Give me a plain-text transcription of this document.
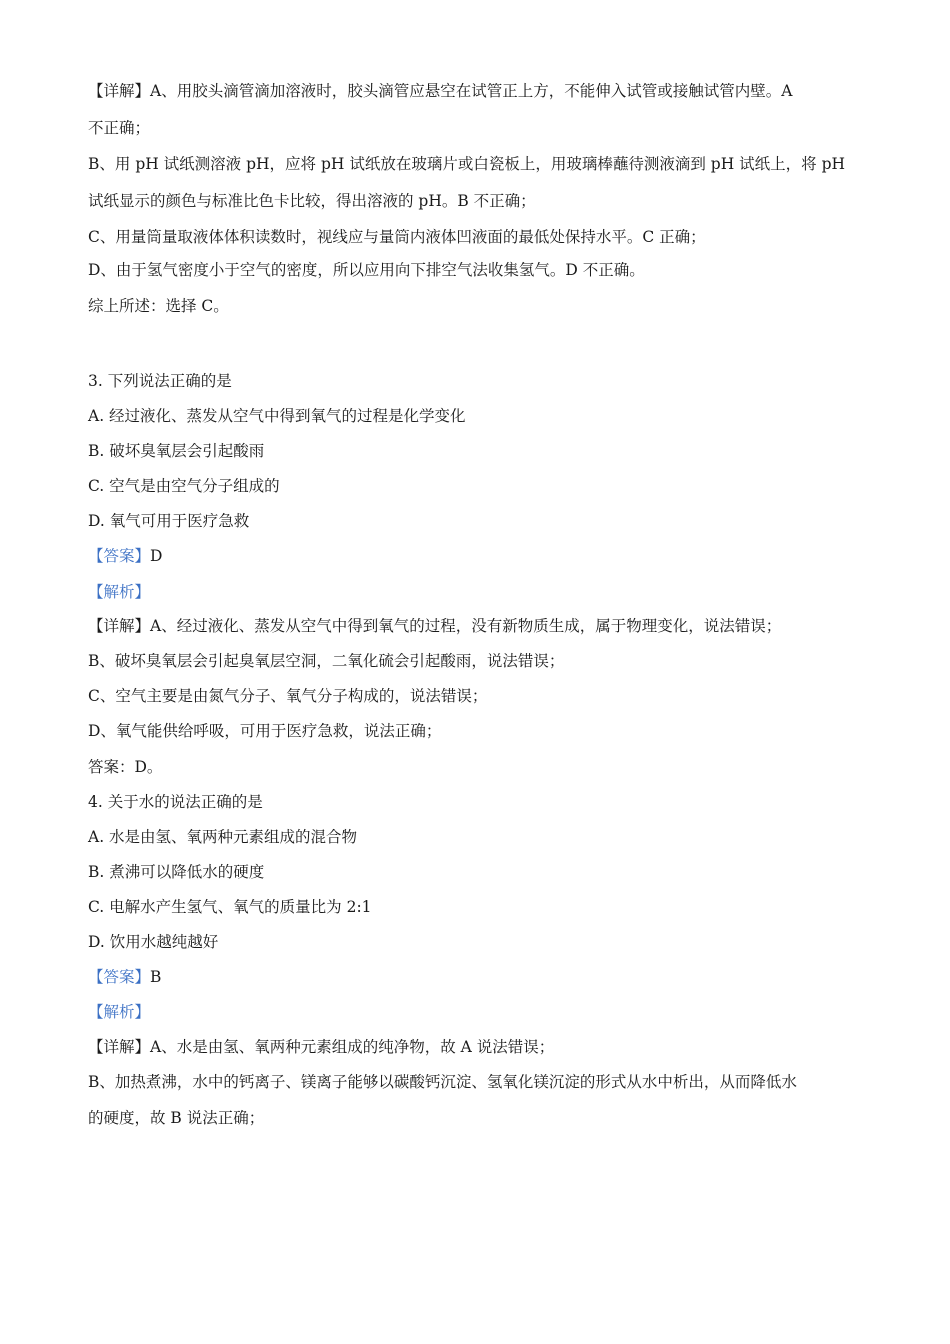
【详解】A、用胶头滴管滴加溶液时，胶头滴管应悬空在试管正上方，不能伸入试管或接触试管内壁。A
不正确；
B、用 pH 试纸测溶液 pH，应将 pH 试纸放在玻璃片或白瓷板上，用玻璃棒蘸待测液滴到 pH 试纸上，将 pH
试纸显示的颜色与标准比色卡比较，得出溶液的 pH。B 不正确；
C、用量筒量取液体体积读数时，视线应与量筒内液体凹液面的最低处保持水平。C 正确；
D、由于氢气密度小于空气的密度，所以应用向下排空气法收集氢气。D 不正确。
综上所述：选择 C。
3. 下列说法正确的是
A. 经过液化、蒸发从空气中得到氧气的过程是化学变化
B. 破坏臭氧层会引起酸雨
C. 空气是由空气分子组成的
D. 氧气可用于医疗急救
【答案】D
【解析】
【详解】A、经过液化、蒸发从空气中得到氧气的过程，没有新物质生成，属于物理变化，说法错误；
B、破坏臭氧层会引起臭氧层空洞，二氧化硫会引起酸雨，说法错误；
C、空气主要是由氮气分子、氧气分子构成的，说法错误；
D、氧气能供给呼吸，可用于医疗急救，说法正确；
答案：D。
4. 关于水的说法正确的是
A. 水是由氢、氧两种元素组成的混合物
B. 煮沸可以降低水的硬度
C. 电解水产生氢气、氧气的质量比为 2:1
D. 饮用水越纯越好
【答案】B
【解析】
【详解】A、水是由氢、氧两种元素组成的纯净物，故 A 说法错误；
B、加热煮沸，水中的钙离子、镁离子能够以碳酸钙沉淀、氢氧化镁沉淀的形式从水中析出，从而降低水
的硬度，故 B 说法正确；
